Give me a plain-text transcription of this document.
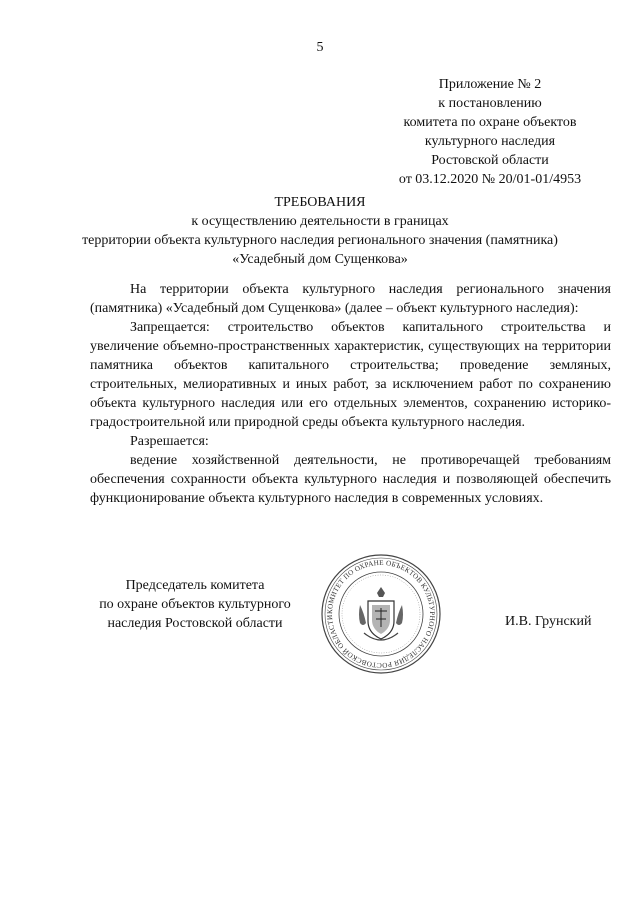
5
Приложение № 2
к постановлению
комитета по охране объектов
культурного наследия
Ростовской области
от 03.12.2020 № 20/01-01/4953
ТРЕБОВАНИЯ
к осуществлению деятельности в границах
территории объекта культурного наследия регионального значения (памятника)
«Усадебный дом Сущенкова»

На территории объекта культурного наследия регионального значения (памятника) «Усадебный дом Сущенкова» (далее – объект культурного наследия):

Запрещается: строительство объектов капитального строительства и увеличение объемно-пространственных характеристик, существующих на территории памятника объектов капитального строительства; проведение земляных, строительных, мелиоративных и иных работ, за исключением работ по сохранению объекта культурного наследия или его отдельных элементов, сохранению историко-градостроительной или природной среды объекта культурного наследия.

Разрешается:

ведение хозяйственной деятельности, не противоречащей требованиям обеспечения сохранности объекта культурного наследия и позволяющей обеспечить функционирование объекта культурного наследия в современных условиях.

Председатель комитета
по охране объектов культурного
наследия Ростовской области
КОМИТЕТ ПО ОХРАНЕ ОБЪЕКТОВ КУЛЬТУРНОГО НАСЛЕДИЯ РОСТОВСКОЙ ОБЛАСТИ	И.В. Грунский
